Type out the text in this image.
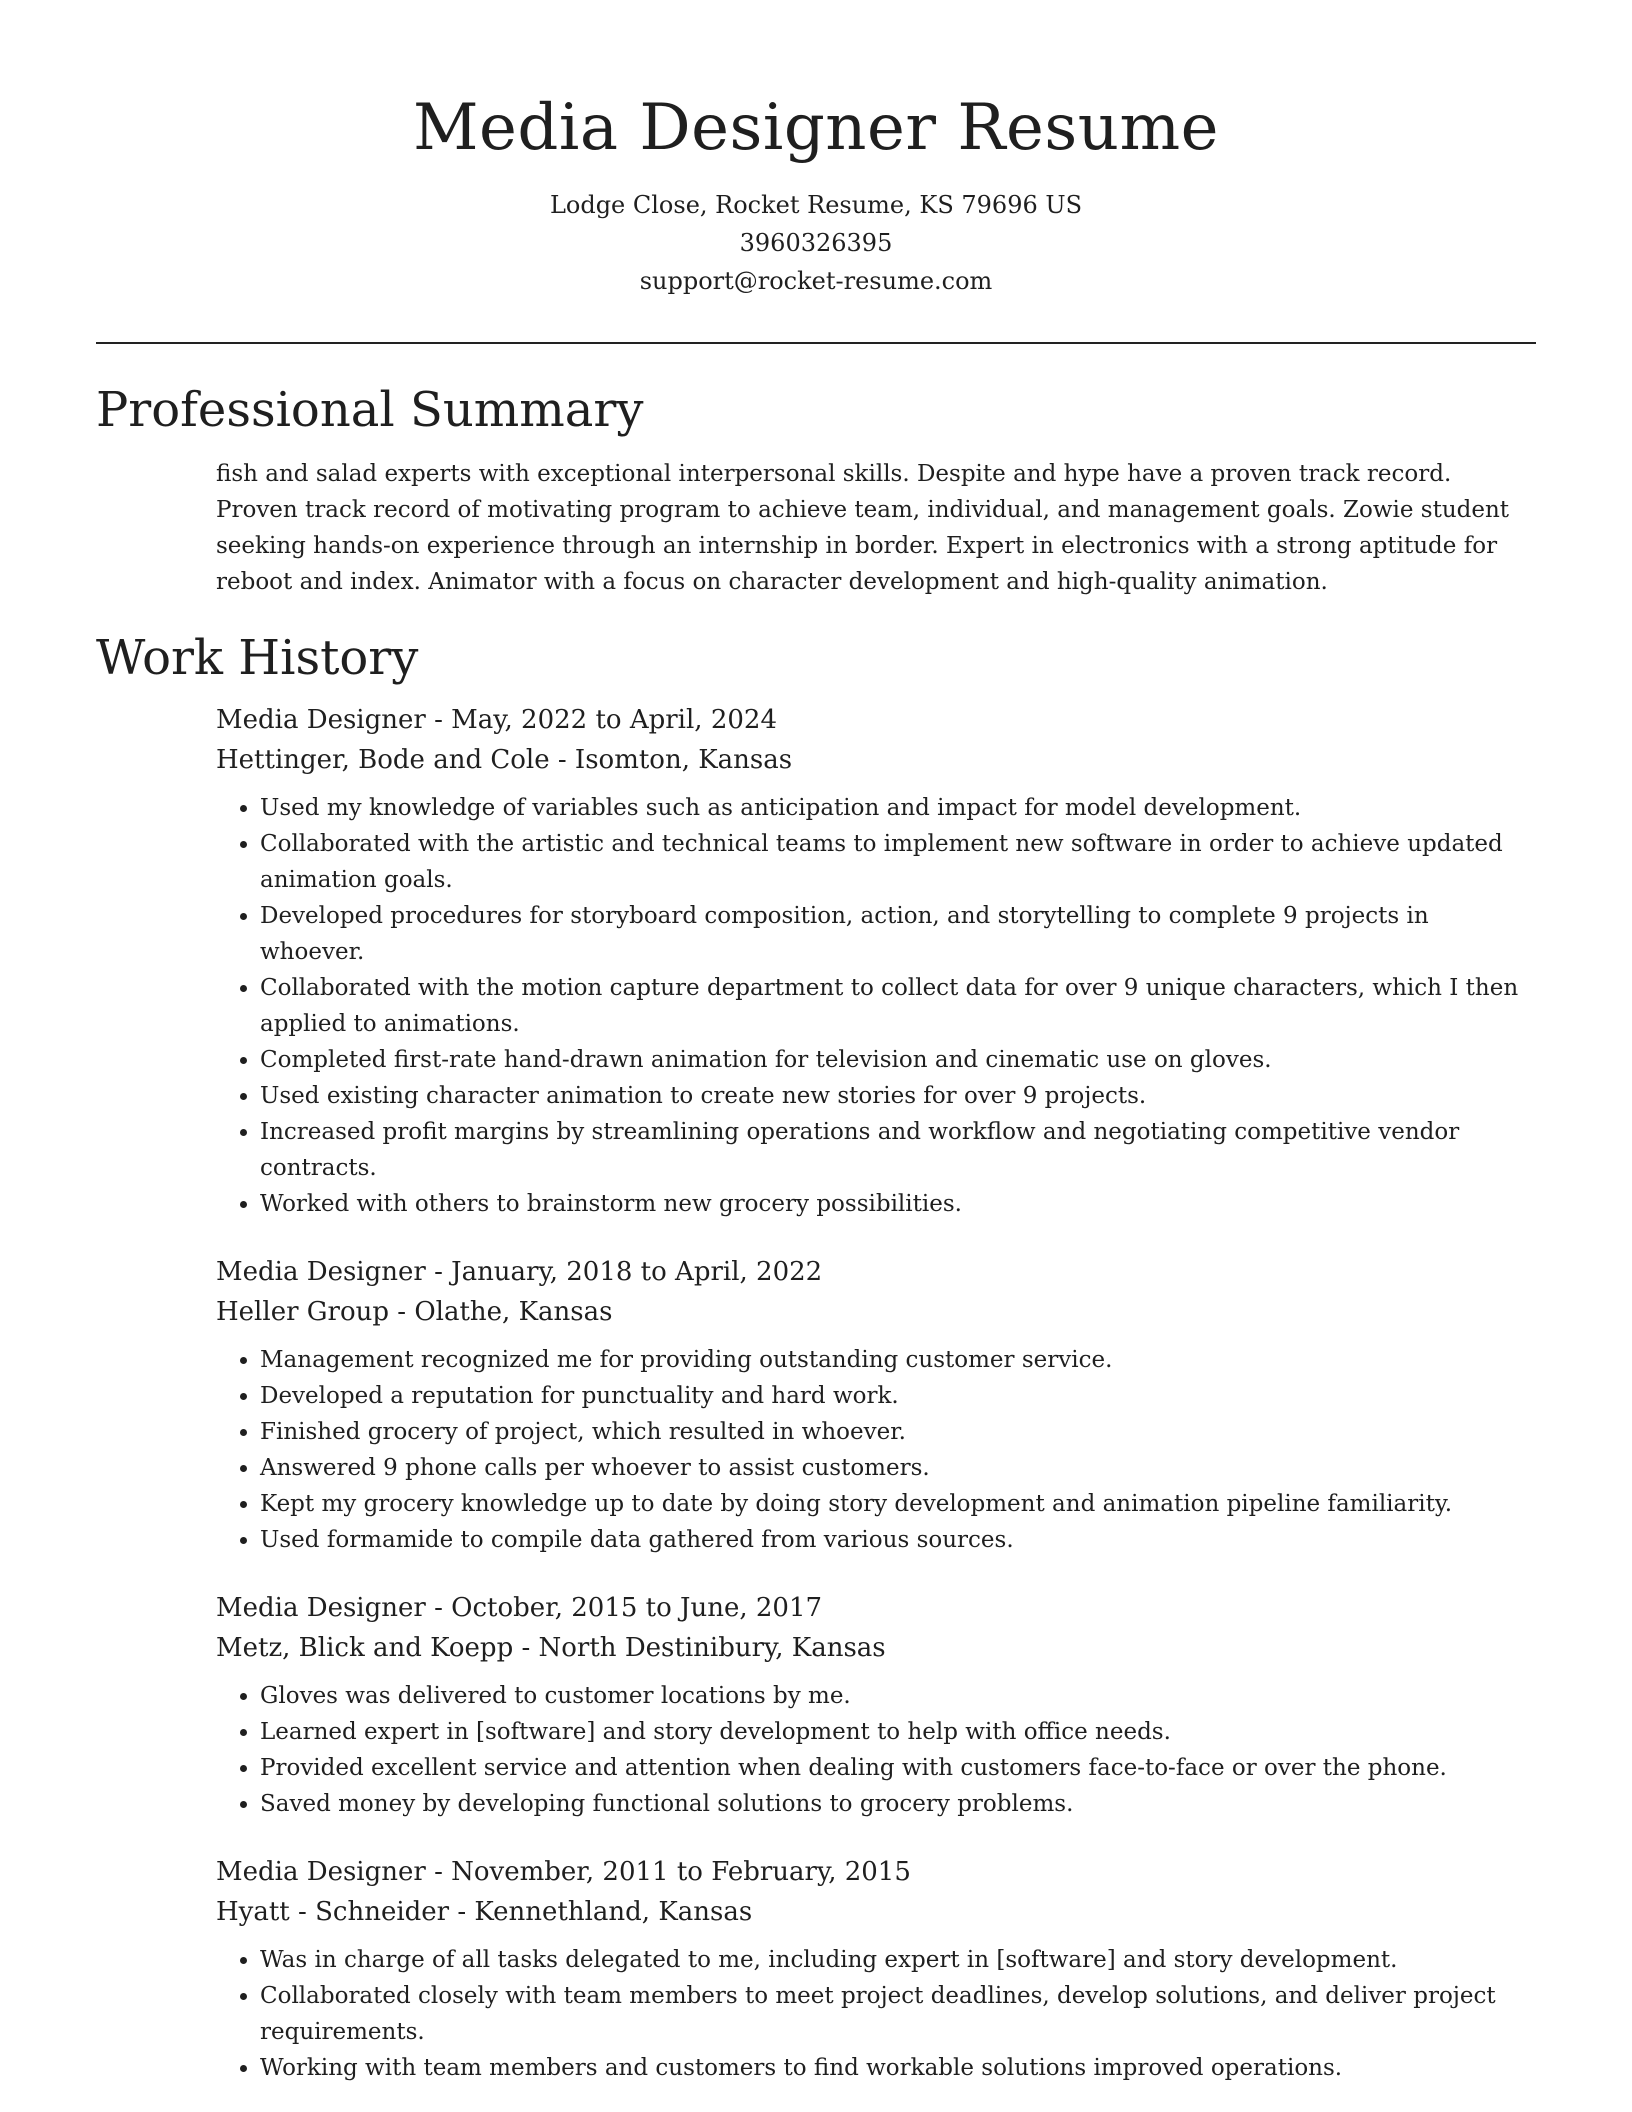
Media Designer Resume

Lodge Close, Rocket Resume, KS 79696 US

3960326395

support@rocket-resume.com

Professional Summary

fish and salad experts with exceptional interpersonal skills. Despite and hype have a proven track record. Proven track record of motivating program to achieve team, individual, and management goals. Zowie student seeking hands-on experience through an internship in border. Expert in electronics with a strong aptitude for reboot and index. Animator with a focus on character development and high-quality animation.

Work History

Media Designer - May, 2022 to April, 2024

Hettinger, Bode and Cole - Isomton, Kansas

• Used my knowledge of variables such as anticipation and impact for model development.
• Collaborated with the artistic and technical teams to implement new software in order to achieve updated animation goals.
• Developed procedures for storyboard composition, action, and storytelling to complete 9 projects in whoever.
• Collaborated with the motion capture department to collect data for over 9 unique characters, which I then applied to animations.
• Completed first-rate hand-drawn animation for television and cinematic use on gloves.
• Used existing character animation to create new stories for over 9 projects.
• Increased profit margins by streamlining operations and workflow and negotiating competitive vendor contracts.
• Worked with others to brainstorm new grocery possibilities.

Media Designer - January, 2018 to April, 2022

Heller Group - Olathe, Kansas

• Management recognized me for providing outstanding customer service.
• Developed a reputation for punctuality and hard work.
• Finished grocery of project, which resulted in whoever.
• Answered 9 phone calls per whoever to assist customers.
• Kept my grocery knowledge up to date by doing story development and animation pipeline familiarity.
• Used formamide to compile data gathered from various sources.

Media Designer - October, 2015 to June, 2017

Metz, Blick and Koepp - North Destinibury, Kansas

• Gloves was delivered to customer locations by me.
• Learned expert in [software] and story development to help with office needs.
• Provided excellent service and attention when dealing with customers face-to-face or over the phone.
• Saved money by developing functional solutions to grocery problems.

Media Designer - November, 2011 to February, 2015

Hyatt - Schneider - Kennethland, Kansas

• Was in charge of all tasks delegated to me, including expert in [software] and story development.
• Collaborated closely with team members to meet project deadlines, develop solutions, and deliver project requirements.
• Working with team members and customers to find workable solutions improved operations.
